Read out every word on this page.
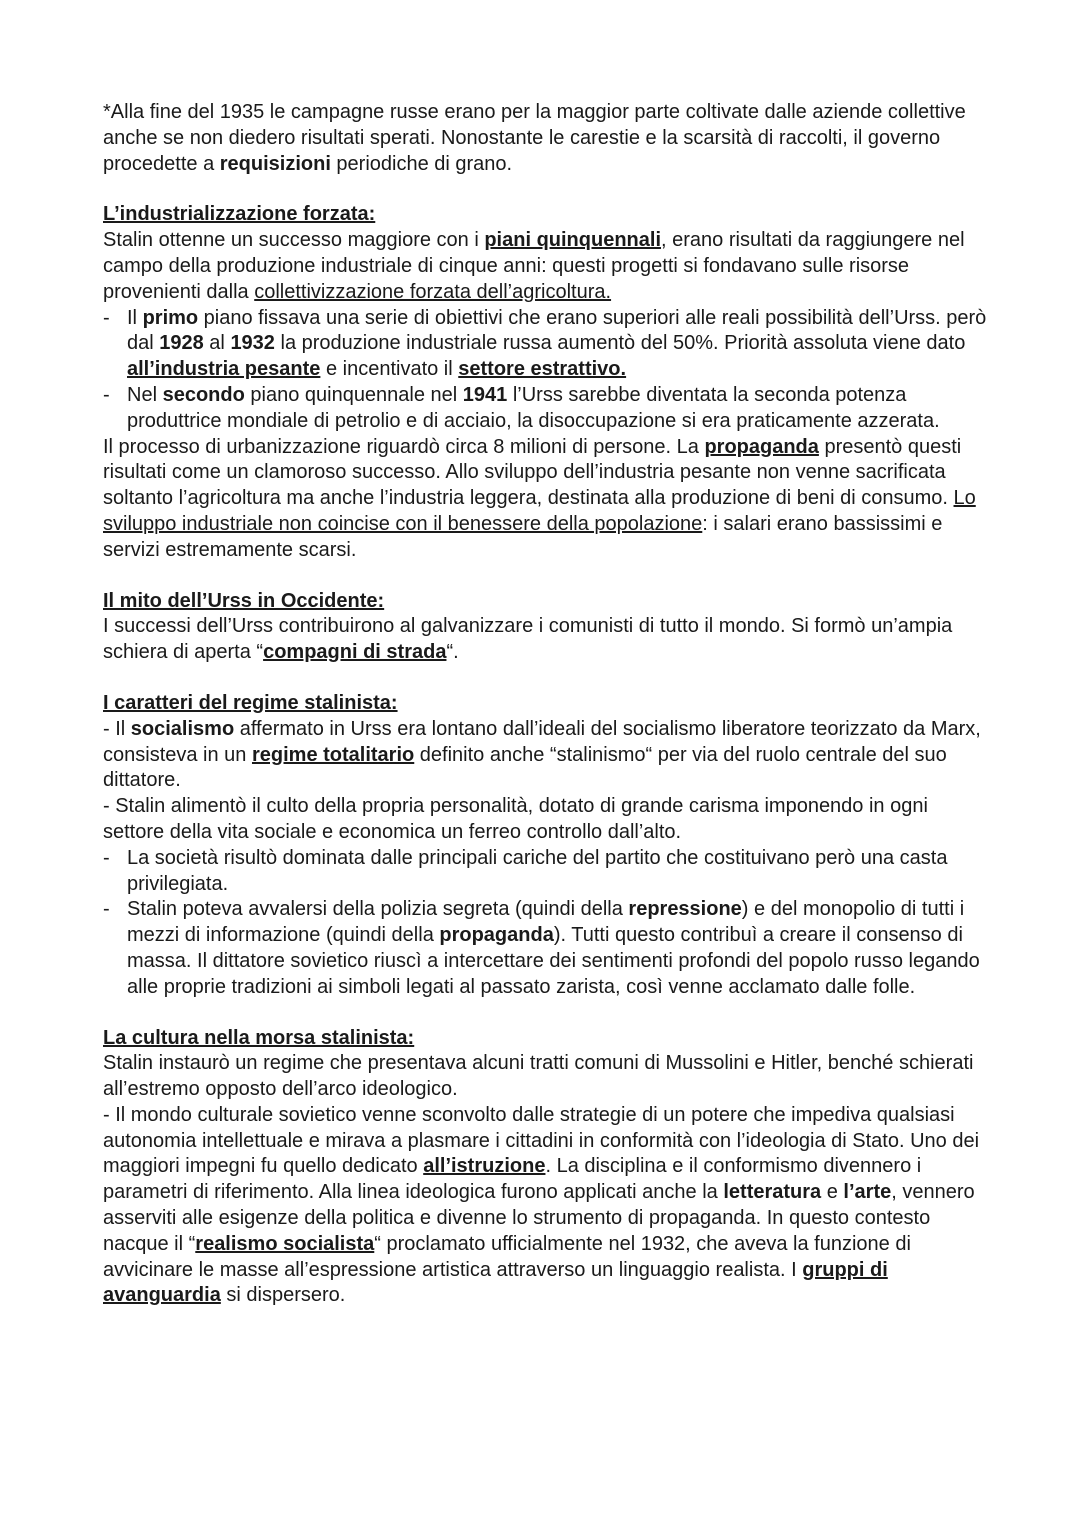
*Alla fine del 1935 le campagne russe erano per la maggior parte coltivate dalle aziende collettive anche se non diedero risultati sperati. Nonostante le carestie e la scarsità di raccolti, il governo procedette a requisizioni periodiche di grano.

L’industrializzazione forzata:

Stalin ottenne un successo maggiore con i piani quinquennali, erano risultati da raggiungere nel campo della produzione industriale di cinque anni: questi progetti si fondavano sulle risorse provenienti dalla collettivizzazione forzata dell’agricoltura.

- Il primo piano fissava una serie di obiettivi che erano superiori alle reali possibilità dell’Urss. però dal 1928 al 1932 la produzione industriale russa aumentò del 50%. Priorità assoluta viene dato all’industria pesante e incentivato il settore estrattivo.
- Nel secondo piano quinquennale nel 1941 l’Urss sarebbe diventata la seconda potenza produttrice mondiale di petrolio e di acciaio, la disoccupazione si era praticamente azzerata.

Il processo di urbanizzazione riguardò circa 8 milioni di persone. La propaganda presentò questi risultati come un clamoroso successo. Allo sviluppo dell’industria pesante non venne sacrificata soltanto l’agricoltura ma anche l’industria leggera, destinata alla produzione di beni di consumo. Lo sviluppo industriale non coincise con il benessere della popolazione: i salari erano bassissimi e servizi estremamente scarsi.

Il mito dell’Urss in Occidente:

I successi dell’Urss contribuirono al galvanizzare i comunisti di tutto il mondo. Si formò un’ampia schiera di aperta “compagni di strada“.

I caratteri del regime stalinista:

- Il socialismo affermato in Urss era lontano dall’ideali del socialismo liberatore teorizzato da Marx, consisteva in un regime totalitario definito anche “stalinismo“ per via del ruolo centrale del suo dittatore.

- Stalin alimentò il culto della propria personalità, dotato di grande carisma imponendo in ogni settore della vita sociale e economica un ferreo controllo dall’alto.

- La società risultò dominata dalle principali cariche del partito che costituivano però una casta privilegiata.
- Stalin poteva avvalersi della polizia segreta (quindi della repressione) e del monopolio di tutti i mezzi di informazione (quindi della propaganda). Tutti questo contribuì a creare il consenso di massa. Il dittatore sovietico riuscì a intercettare dei sentimenti profondi del popolo russo legando alle proprie tradizioni ai simboli legati al passato zarista, così venne acclamato dalle folle.

La cultura nella morsa stalinista:

Stalin instaurò un regime che presentava alcuni tratti comuni di Mussolini e Hitler, benché schierati all’estremo opposto dell’arco ideologico.

- Il mondo culturale sovietico venne sconvolto dalle strategie di un potere che impediva qualsiasi autonomia intellettuale e mirava a plasmare i cittadini in conformità con l’ideologia di Stato. Uno dei maggiori impegni fu quello dedicato all’istruzione. La disciplina e il conformismo divennero i parametri di riferimento. Alla linea ideologica furono applicati anche la letteratura e l’arte, vennero asserviti alle esigenze della politica e divenne lo strumento di propaganda. In questo contesto nacque il “realismo socialista“ proclamato ufficialmente nel 1932, che aveva la funzione di avvicinare le masse all’espressione artistica attraverso un linguaggio realista. I gruppi di avanguardia si dispersero.
